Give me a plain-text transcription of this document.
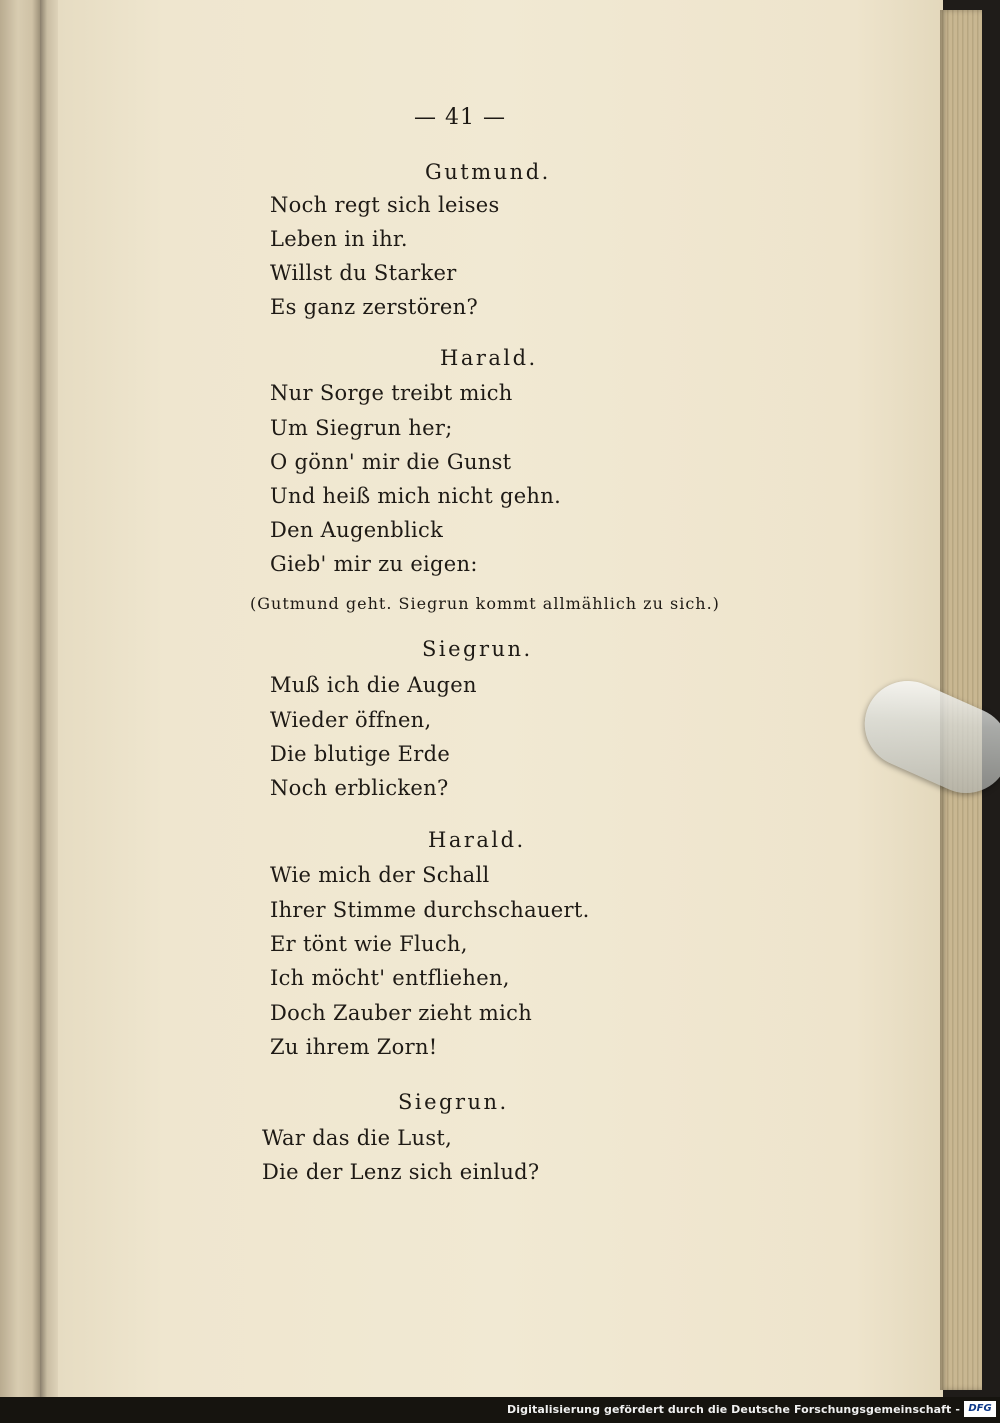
— 41 —
Gutmund.
Noch regt sich leises
Leben in ihr.
Willst du Starker
Es ganz zerstören?
Harald.
Nur Sorge treibt mich
Um Siegrun her;
O gönn' mir die Gunst
Und heiß mich nicht gehn.
Den Augenblick
Gieb' mir zu eigen:
(Gutmund geht. Siegrun kommt allmählich zu sich.)
Siegrun.
Muß ich die Augen
Wieder öffnen,
Die blutige Erde
Noch erblicken?
Harald.
Wie mich der Schall
Ihrer Stimme durchschauert.
Er tönt wie Fluch,
Ich möcht' entfliehen,
Doch Zauber zieht mich
Zu ihrem Zorn!
Siegrun.
War das die Lust,
Die der Lenz sich einlud?
Digitalisierung gefördert durch die Deutsche Forschungsgemeinschaft - DFG
